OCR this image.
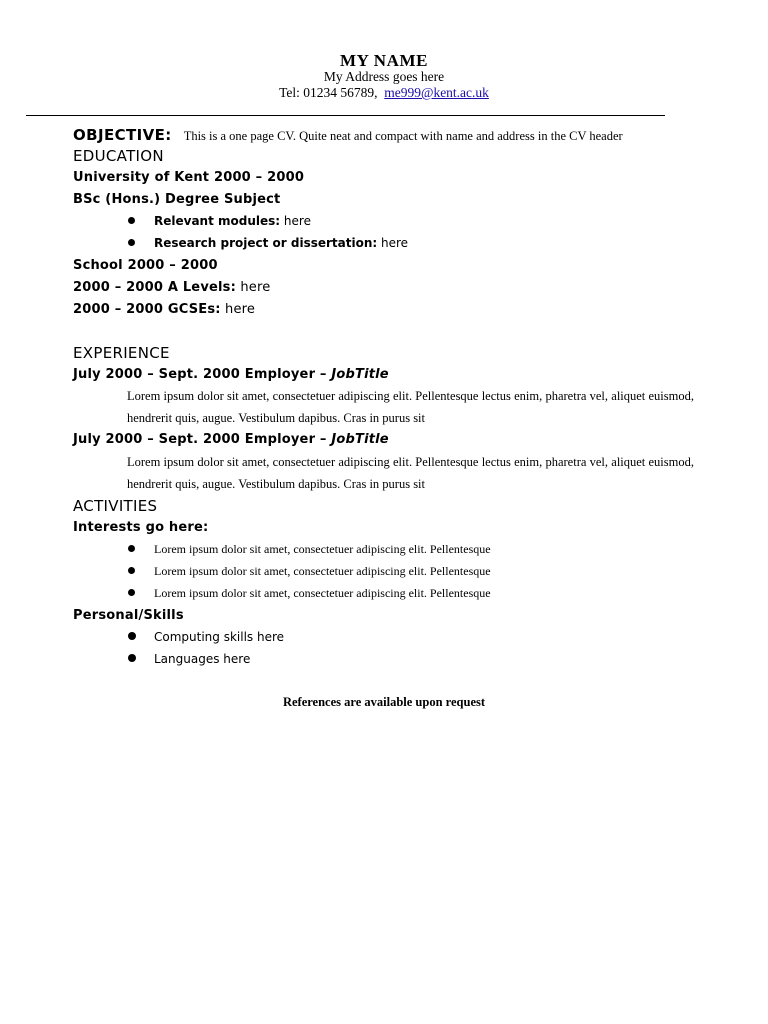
MY NAME
My Address goes here
Tel: 01234 56789, me999@kent.ac.uk
OBJECTIVE: This is a one page CV. Quite neat and compact with name and address in the CV header
EDUCATION
University of Kent 2000 – 2000
BSc (Hons.) Degree Subject
Relevant modules: here
Research project or dissertation: here
School 2000 – 2000
2000 – 2000 A Levels: here
2000 – 2000 GCSEs: here
EXPERIENCE
July 2000 – Sept. 2000 Employer – JobTitle
Lorem ipsum dolor sit amet, consectetuer adipiscing elit. Pellentesque lectus enim, pharetra vel, aliquet euismod, hendrerit quis, augue. Vestibulum dapibus. Cras in purus sit
July 2000 – Sept. 2000 Employer – JobTitle
Lorem ipsum dolor sit amet, consectetuer adipiscing elit. Pellentesque lectus enim, pharetra vel, aliquet euismod, hendrerit quis, augue. Vestibulum dapibus. Cras in purus sit
ACTIVITIES
Interests go here:
Lorem ipsum dolor sit amet, consectetuer adipiscing elit. Pellentesque
Lorem ipsum dolor sit amet, consectetuer adipiscing elit. Pellentesque
Lorem ipsum dolor sit amet, consectetuer adipiscing elit. Pellentesque
Personal/Skills
Computing skills here
Languages here
References are available upon request
